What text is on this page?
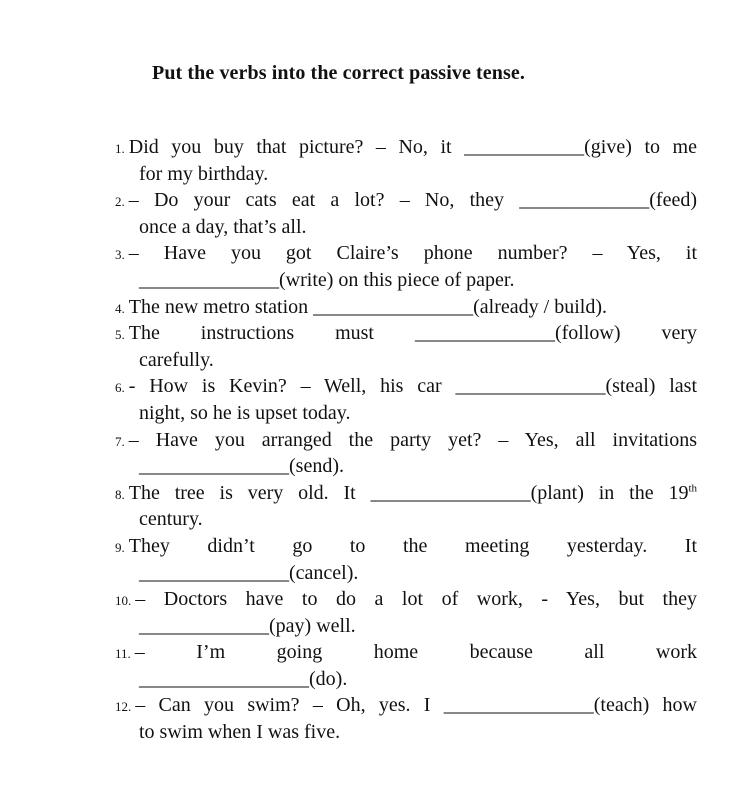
Put the verbs into the correct passive tense.
1. Did you buy that picture? – No, it ____________(give) to me
for my birthday.
2. – Do your cats eat a lot? – No, they _____________(feed)
once a day, that’s all.
3. – Have you got Claire’s phone number? – Yes, it
______________(write) on this piece of paper.
4. The new metro station ________________(already / build).
5. The instructions must ______________(follow) very
carefully.
6. - How is Kevin? – Well, his car _______________(steal) last
night, so he is upset today.
7. – Have you arranged the party yet? – Yes, all invitations
_______________(send).
8. The tree is very old. It ________________(plant) in the 19th
century.
9. They didn’t go to the meeting yesterday. It
_______________(cancel).
10. – Doctors have to do a lot of work, - Yes, but they
_____________(pay) well.
11. – I’m going home because all work
_________________(do).
12. – Can you swim? – Oh, yes. I _______________(teach) how
to swim when I was five.
